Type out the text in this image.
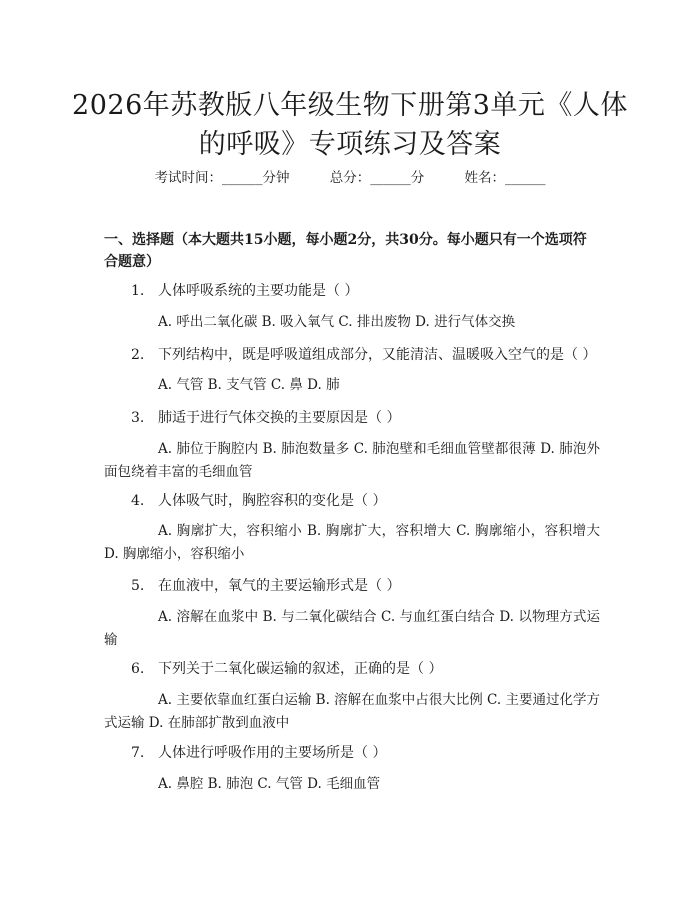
2026年苏教版八年级生物下册第3单元《人体的呼吸》专项练习及答案
考试时间：______分钟	总分：______分	姓名：______
一、选择题（本大题共15小题，每小题2分，共30分。每小题只有一个选项符合题意）
1. 人体呼吸系统的主要功能是（ ）
A. 呼出二氧化碳 B. 吸入氧气 C. 排出废物 D. 进行气体交换
2. 下列结构中，既是呼吸道组成部分，又能清洁、温暖吸入空气的是（ ）
A. 气管 B. 支气管 C. 鼻 D. 肺
3. 肺适于进行气体交换的主要原因是（ ）
A. 肺位于胸腔内 B. 肺泡数量多 C. 肺泡壁和毛细血管壁都很薄 D. 肺泡外面包绕着丰富的毛细血管
4. 人体吸气时，胸腔容积的变化是（ ）
A. 胸廓扩大，容积缩小 B. 胸廓扩大，容积增大 C. 胸廓缩小，容积增大 D. 胸廓缩小，容积缩小
5. 在血液中，氧气的主要运输形式是（ ）
A. 溶解在血浆中 B. 与二氧化碳结合 C. 与血红蛋白结合 D. 以物理方式运输
6. 下列关于二氧化碳运输的叙述，正确的是（ ）
A. 主要依靠血红蛋白运输 B. 溶解在血浆中占很大比例 C. 主要通过化学方式运输 D. 在肺部扩散到血液中
7. 人体进行呼吸作用的主要场所是（ ）
A. 鼻腔 B. 肺泡 C. 气管 D. 毛细血管
